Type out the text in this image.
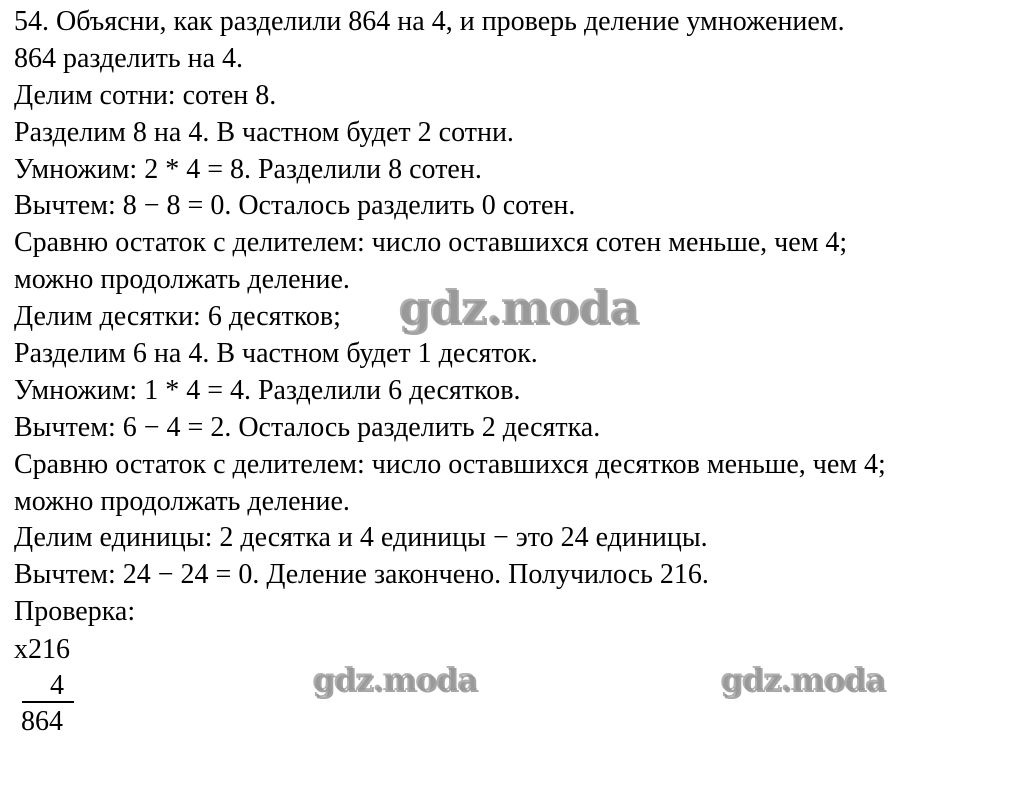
54. Объясни, как разделили 864 на 4, и проверь деление умножением.
864 разделить на 4.
Делим сотни: сотен 8.
Разделим 8 на 4. В частном будет 2 сотни.
Умножим: 2 * 4 = 8. Разделили 8 сотен.
Вычтем: 8 − 8 = 0. Осталось разделить 0 сотен.
Сравню остаток с делителем: число оставшихся сотен меньше, чем 4;
можно продолжать деление.
Делим десятки: 6 десятков;
Разделим 6 на 4. В частном будет 1 десяток.
Умножим: 1 * 4 = 4. Разделили 6 десятков.
Вычтем: 6 − 4 = 2. Осталось разделить 2 десятка.
Сравню остаток с делителем: число оставшихся десятков меньше, чем 4;
можно продолжать деление.
Делим единицы: 2 десятка и 4 единицы − это 24 единицы.
Вычтем: 24 − 24 = 0. Деление закончено. Получилось 216.
Проверка:
x216
4
864
gdz.moda
gdz.moda	gdz.moda
